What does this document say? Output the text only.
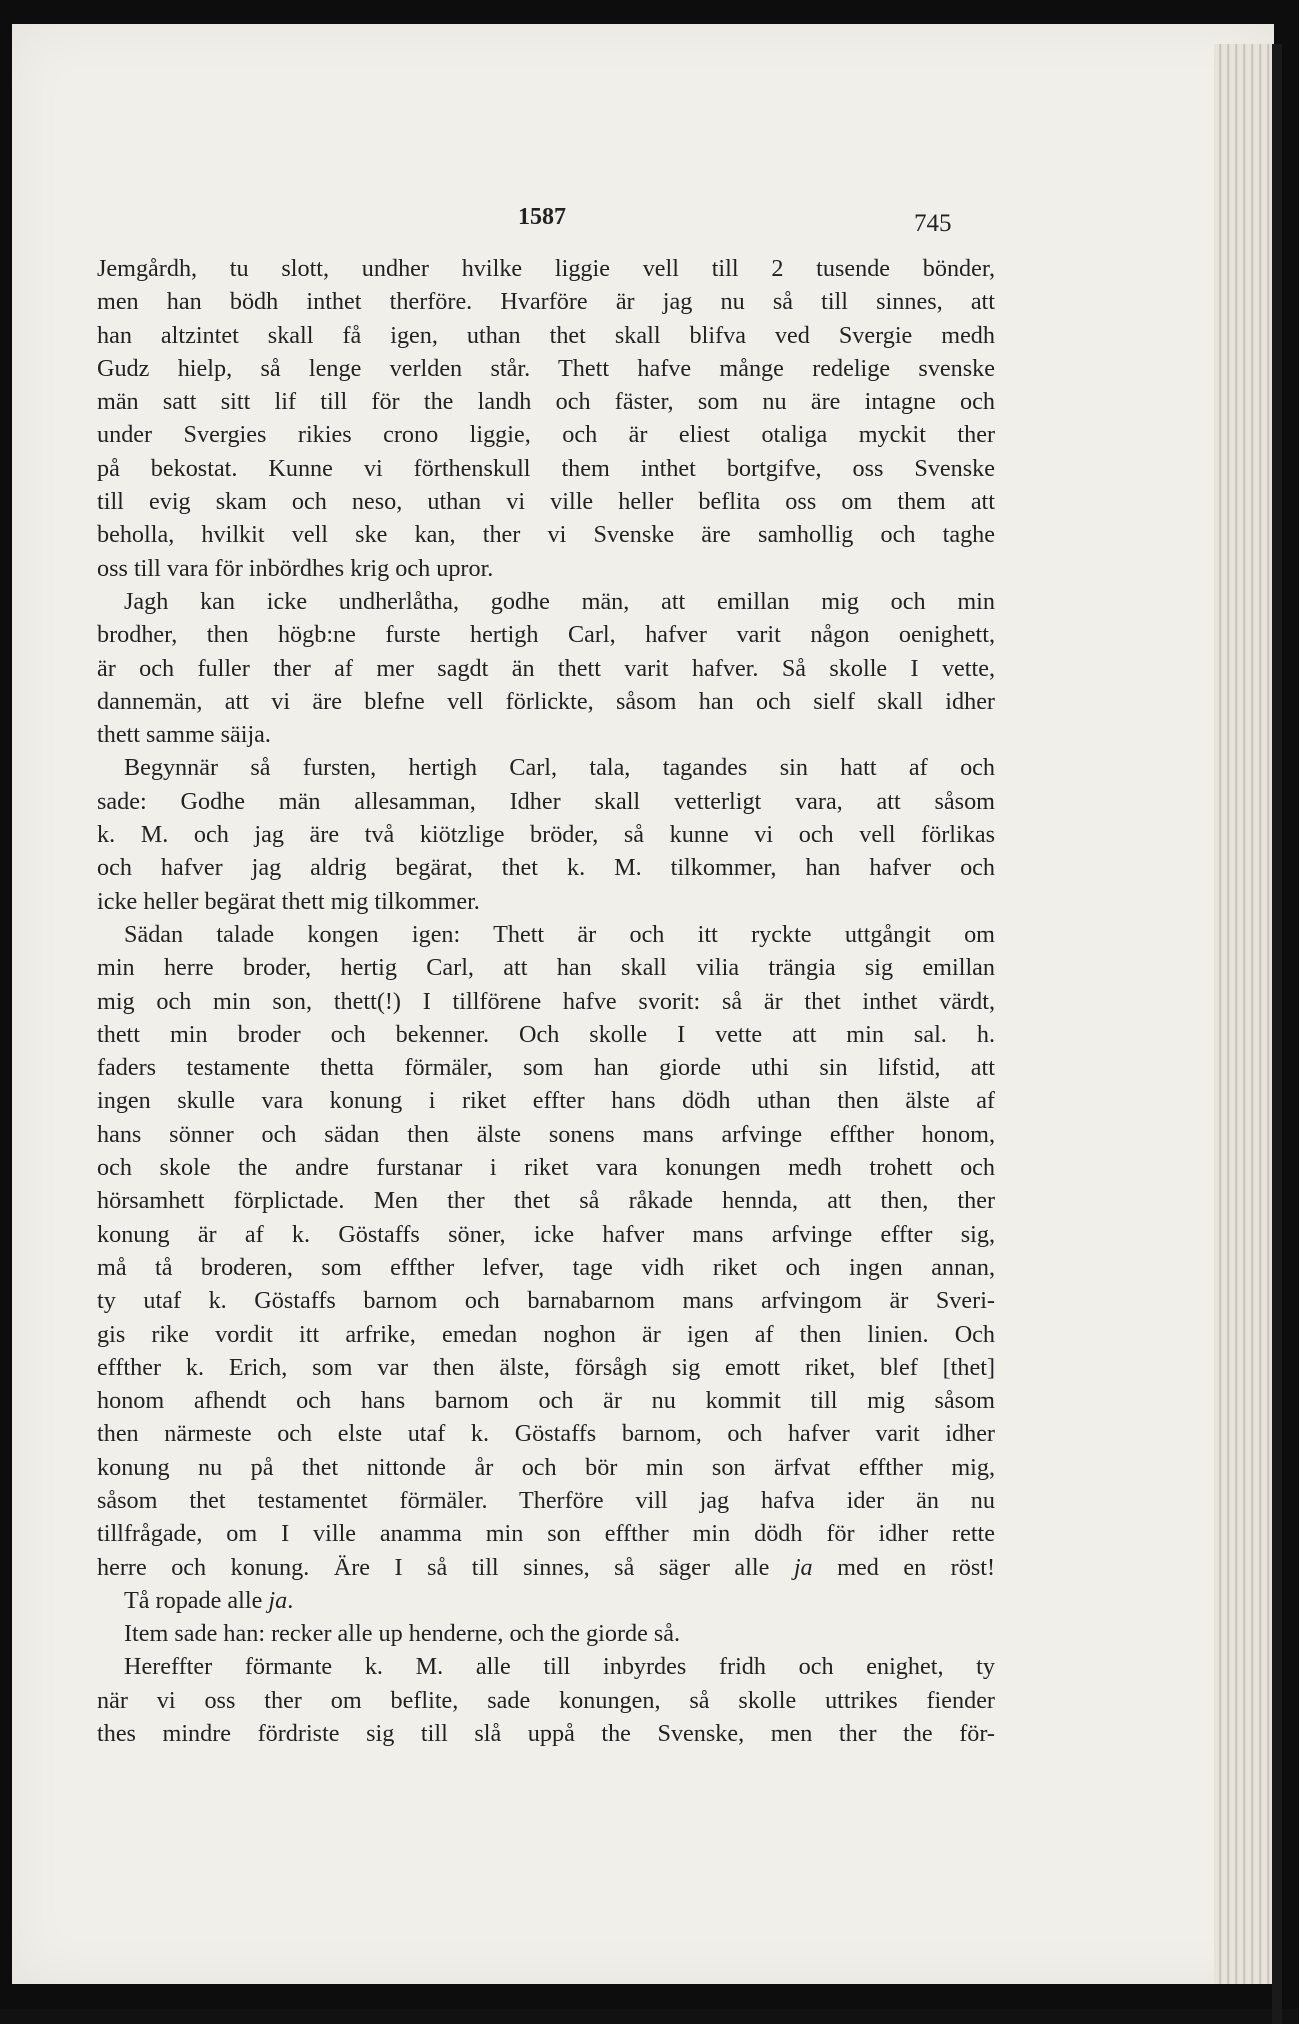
1587	745
Jemgårdh, tu slott, undher hvilke liggie vell till 2 tusende bönder,
men han bödh inthet therföre. Hvarföre är jag nu så till sinnes, att
han altzintet skall få igen, uthan thet skall blifva ved Svergie medh
Gudz hielp, så lenge verlden står. Thett hafve månge redelige svenske
män satt sitt lif till för the landh och fäster, som nu äre intagne och
under Svergies rikies crono liggie, och är eliest otaliga myckit ther
på bekostat. Kunne vi förthenskull them inthet bortgifve, oss Svenske
till evig skam och neso, uthan vi ville heller beflita oss om them att
beholla, hvilkit vell ske kan, ther vi Svenske äre samhollig och taghe
oss till vara för inbördhes krig och upror.
Jagh kan icke undherlåtha, godhe män, att emillan mig och min
brodher, then högb:ne furste hertigh Carl, hafver varit någon oenighett,
är och fuller ther af mer sagdt än thett varit hafver. Så skolle I vette,
dannemän, att vi äre blefne vell förlickte, såsom han och sielf skall idher
thett samme säija.
Begynnär så fursten, hertigh Carl, tala, tagandes sin hatt af och
sade: Godhe män allesamman, Idher skall vetterligt vara, att såsom
k. M. och jag äre två kiötzlige bröder, så kunne vi och vell förlikas
och hafver jag aldrig begärat, thet k. M. tilkommer, han hafver och
icke heller begärat thett mig tilkommer.
Sädan talade kongen igen: Thett är och itt ryckte uttgångit om
min herre broder, hertig Carl, att han skall vilia trängia sig emillan
mig och min son, thett(!) I tillförene hafve svorit: så är thet inthet värdt,
thett min broder och bekenner. Och skolle I vette att min sal. h.
faders testamente thetta förmäler, som han giorde uthi sin lifstid, att
ingen skulle vara konung i riket effter hans dödh uthan then älste af
hans sönner och sädan then älste sonens mans arfvinge effther honom,
och skole the andre furstanar i riket vara konungen medh trohett och
hörsamhett förplictade. Men ther thet så råkade hennda, att then, ther
konung är af k. Göstaffs söner, icke hafver mans arfvinge effter sig,
må tå broderen, som effther lefver, tage vidh riket och ingen annan,
ty utaf k. Göstaffs barnom och barnabarnom mans arfvingom är Sveri-
gis rike vordit itt arfrike, emedan noghon är igen af then linien. Och
effther k. Erich, som var then älste, försågh sig emott riket, blef [thet]
honom afhendt och hans barnom och är nu kommit till mig såsom
then närmeste och elste utaf k. Göstaffs barnom, och hafver varit idher
konung nu på thet nittonde år och bör min son ärfvat effther mig,
såsom thet testamentet förmäler. Therföre vill jag hafva ider än nu
tillfrågade, om I ville anamma min son effther min dödh för idher rette
herre och konung. Äre I så till sinnes, så säger alle ja med en röst!
Tå ropade alle ja.
Item sade han: recker alle up henderne, och the giorde så.
Hereffter förmante k. M. alle till inbyrdes fridh och enighet, ty
när vi oss ther om beflite, sade konungen, så skolle uttrikes fiender
thes mindre fördriste sig till slå uppå the Svenske, men ther the för-
